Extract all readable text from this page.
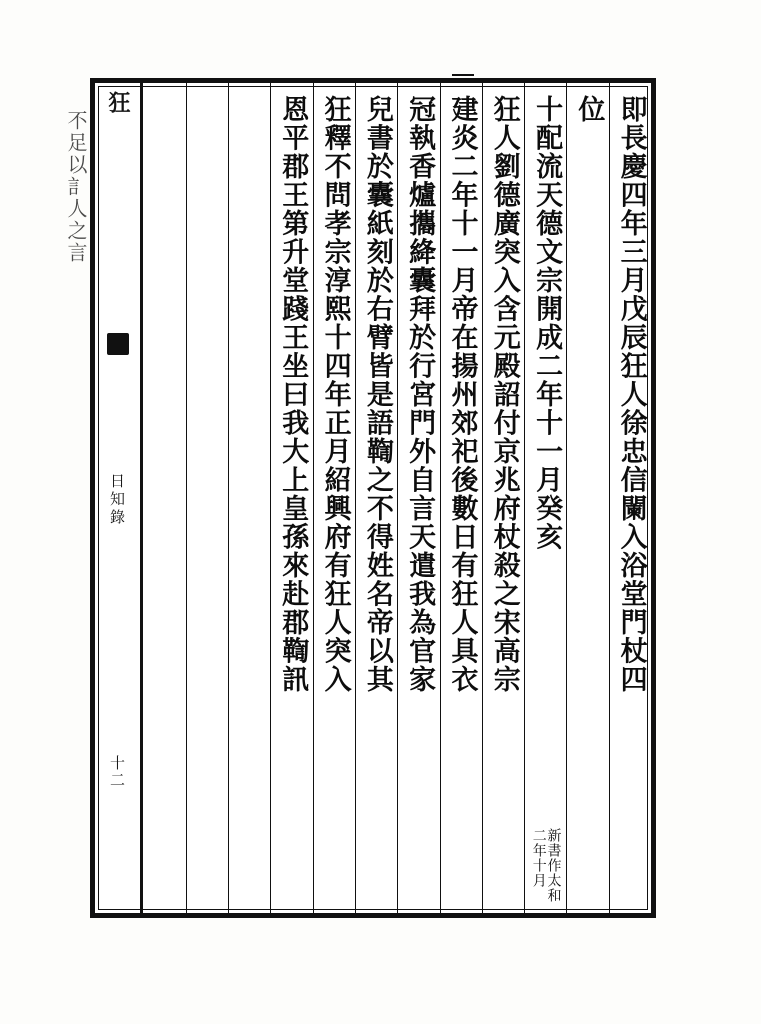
不足以訁人之言
狂
日知錄
十二
即長慶四年三月戊辰狂人徐忠信闌入浴堂門杖四
位
十配流天德文宗開成二年十一月癸亥
新書作太和
二年十月
狂人劉德廣突入含元殿詔付京兆府杖殺之宋高宗
建炎二年十一月帝在揚州郊祀後數日有狂人具衣
冠執香爐攜絳囊拜於行宮門外自言天遣我為官家
兒書於囊紙刻於右臂皆是語鞫之不得姓名帝以其
狂釋不問孝宗淳熙十四年正月紹興府有狂人突入
恩平郡王第升堂踐王坐曰我大上皇孫來赴郡鞫訊
